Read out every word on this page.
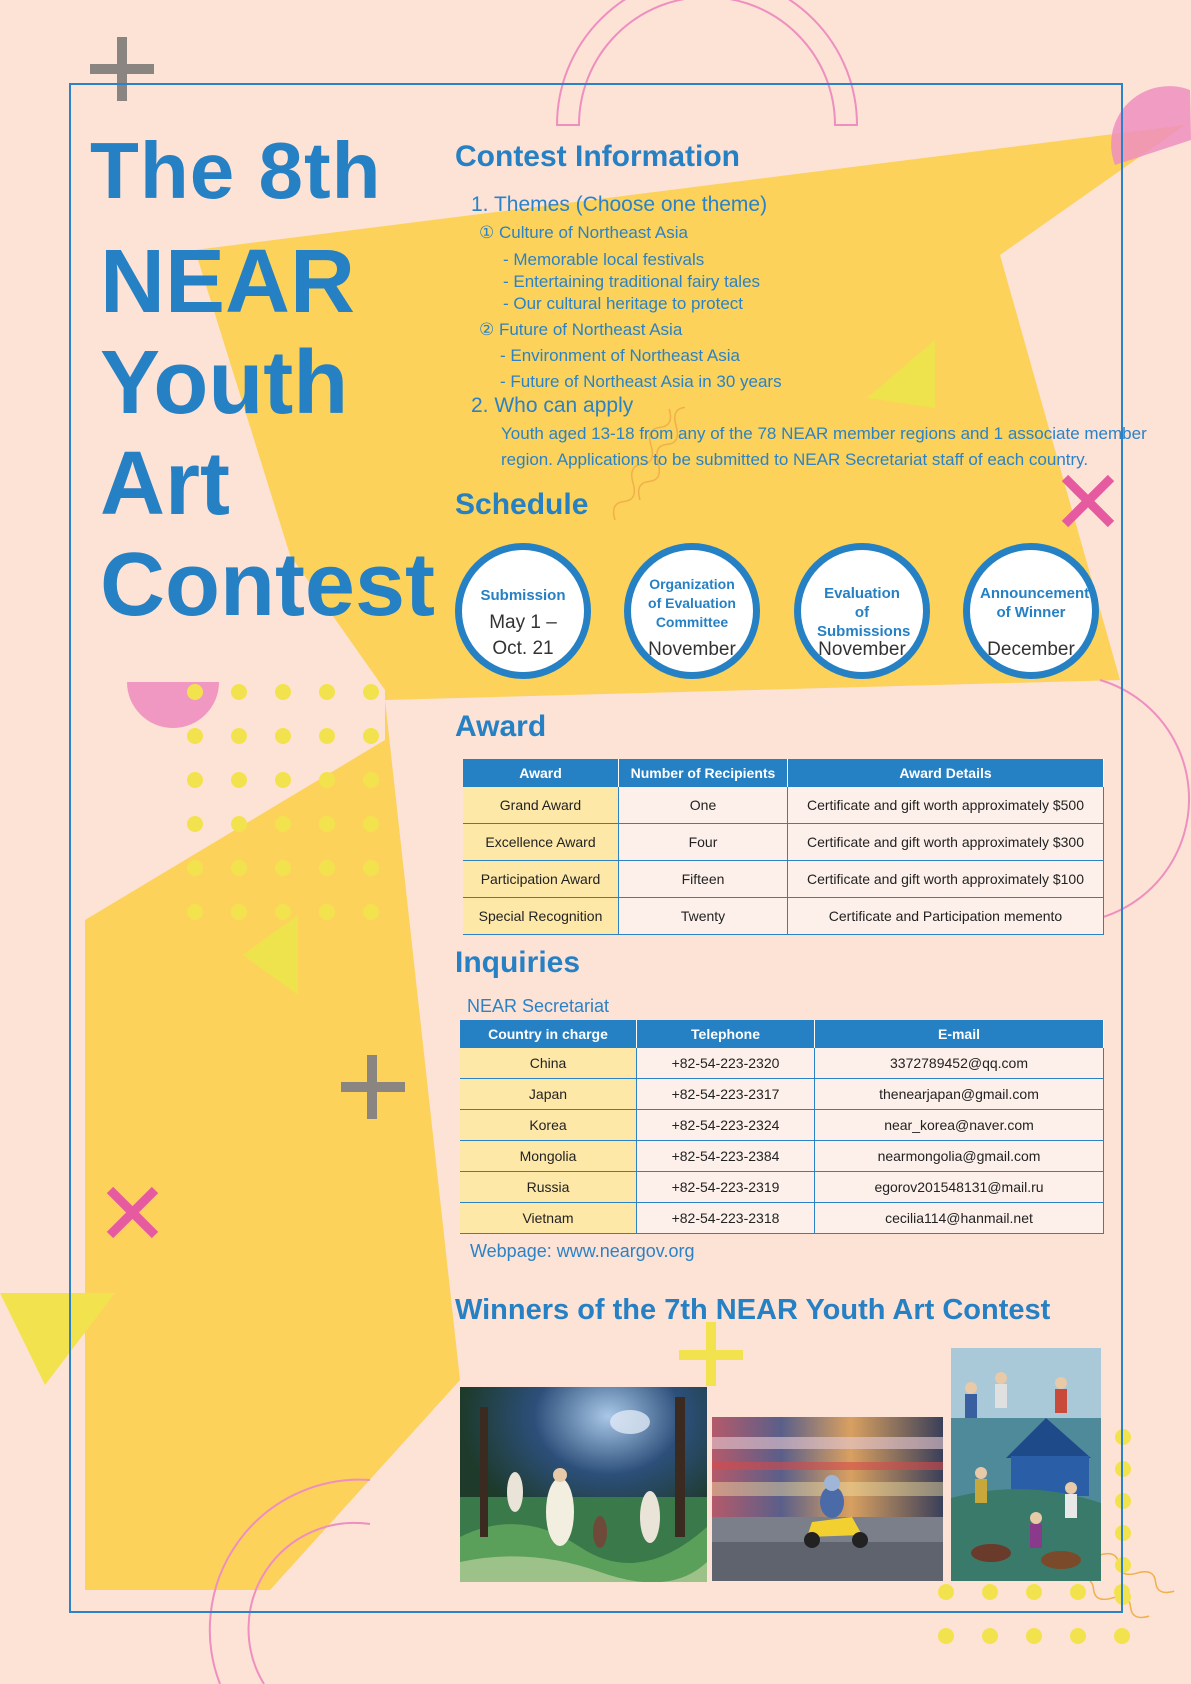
The 8th
NEAR
Youth
Art
Contest
Contest Information
1. Themes (Choose one theme)
① Culture of Northeast Asia
- Memorable local festivals
- Entertaining traditional fairy tales
- Our cultural heritage to protect
② Future of Northeast Asia
- Environment of Northeast Asia
- Future of Northeast Asia in 30 years
2. Who can apply
Youth aged 13-18 from any of the 78 NEAR member regions and 1 associate member
region. Applications to be submitted to NEAR Secretariat staff of each country.
Schedule
Submission
May 1 – Oct. 21
Organization of Evaluation Committee
November
Evaluation of Submissions
November
Announcement of Winner
December
Award
Award	Number of Recipients	Award Details
Grand Award	One	Certificate and gift worth approximately $500
Excellence Award	Four	Certificate and gift worth approximately $300
Participation Award	Fifteen	Certificate and gift worth approximately $100
Special Recognition	Twenty	Certificate and Participation memento
Inquiries
NEAR Secretariat
Country in charge	Telephone	E-mail
China	+82-54-223-2320	3372789452@qq.com
Japan	+82-54-223-2317	thenearjapan@gmail.com
Korea	+82-54-223-2324	near_korea@naver.com
Mongolia	+82-54-223-2384	nearmongolia@gmail.com
Russia	+82-54-223-2319	egorov201548131@mail.ru
Vietnam	+82-54-223-2318	cecilia114@hanmail.net
Webpage: www.neargov.org
Winners of the 7th NEAR Youth Art Contest
